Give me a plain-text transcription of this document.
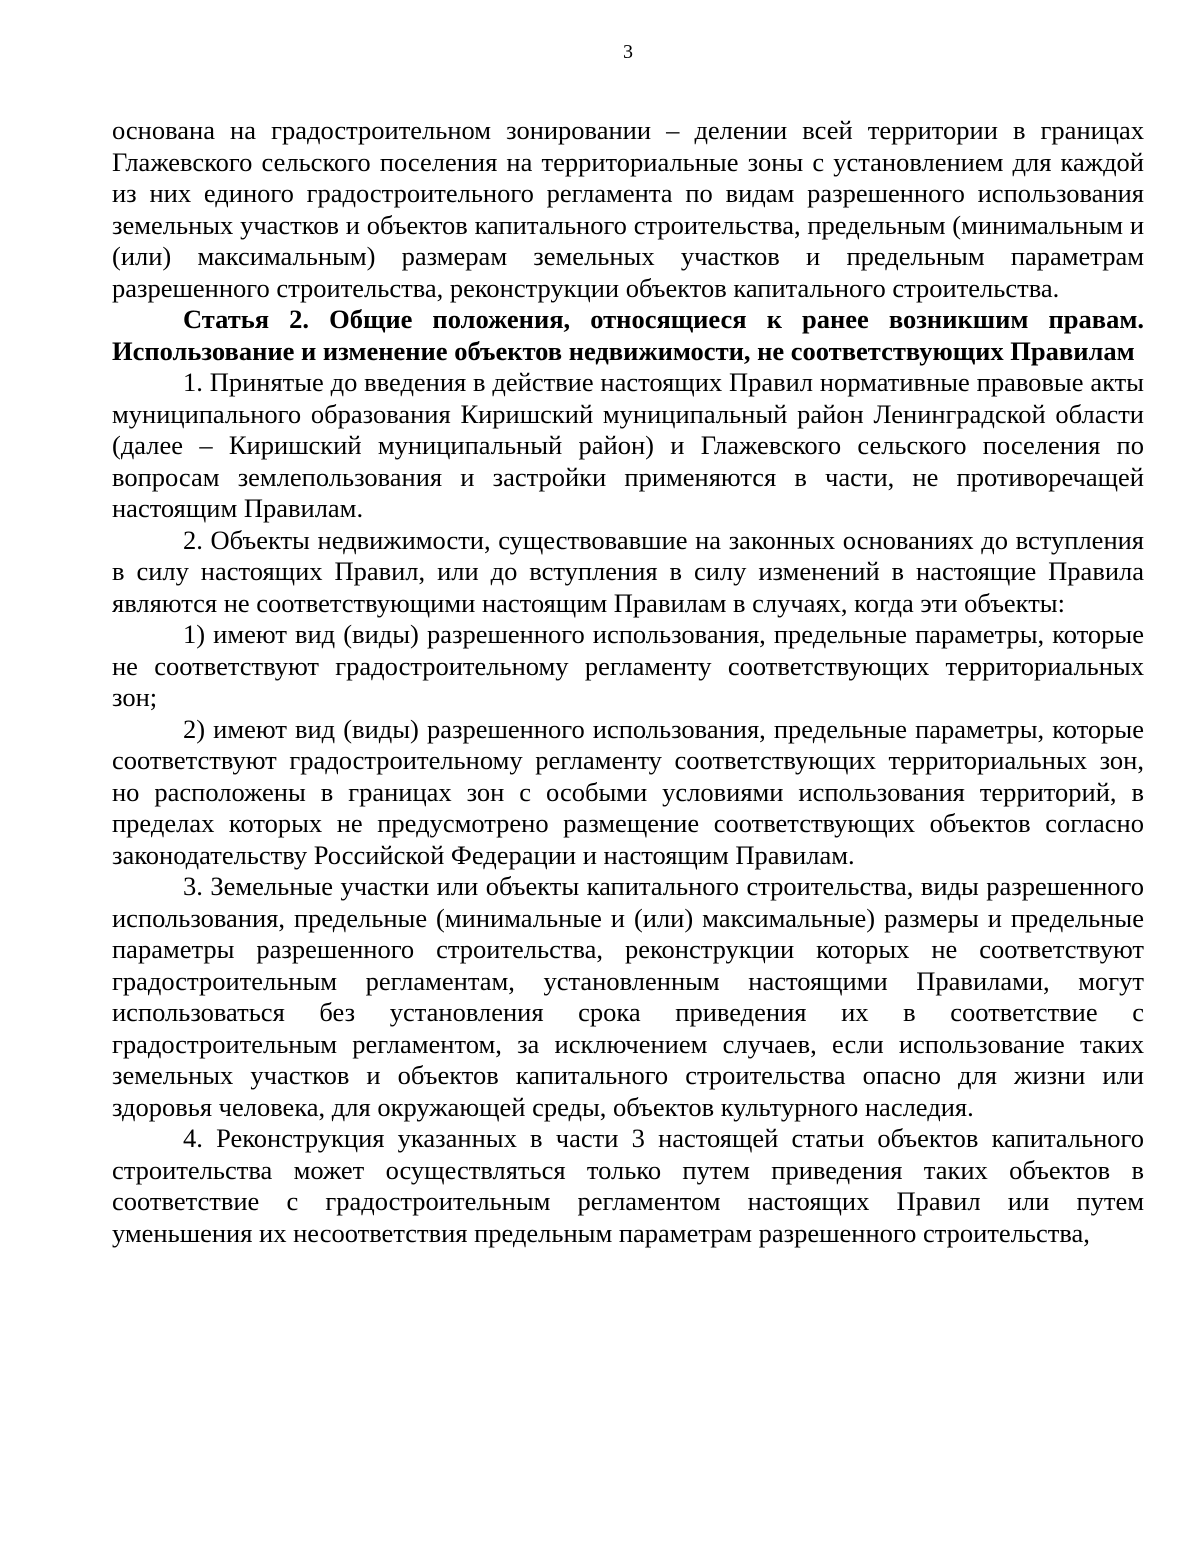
3

основана на градостроительном зонировании – делении всей территории в границах Глажевского сельского поселения на территориальные зоны с установлением для каждой из них единого градостроительного регламента по видам разрешенного использования земельных участков и объектов капитального строительства, предельным (минимальным и (или) максимальным) размерам земельных участков и предельным параметрам разрешенного строительства, реконструкции объектов капитального строительства.

Статья 2. Общие положения, относящиеся к ранее возникшим правам. Использование и изменение объектов недвижимости, не соответствующих Правилам

1. Принятые до введения в действие настоящих Правил нормативные правовые акты муниципального образования Киришский муниципальный район Ленинградской области (далее – Киришский муниципальный район) и Глажевского сельского поселения по вопросам землепользования и застройки применяются в части, не противоречащей настоящим Правилам.

2. Объекты недвижимости, существовавшие на законных основаниях до вступления в силу настоящих Правил, или до вступления в силу изменений в настоящие Правила являются не соответствующими настоящим Правилам в случаях, когда эти объекты:

1) имеют вид (виды) разрешенного использования, предельные параметры, которые не соответствуют градостроительному регламенту соответствующих территориальных зон;

2) имеют вид (виды) разрешенного использования, предельные параметры, которые соответствуют градостроительному регламенту соответствующих территориальных зон, но расположены в границах зон с особыми условиями использования территорий, в пределах которых не предусмотрено размещение соответствующих объектов согласно законодательству Российской Федерации и настоящим Правилам.

3. Земельные участки или объекты капитального строительства, виды разрешенного использования, предельные (минимальные и (или) максимальные) размеры и предельные параметры разрешенного строительства, реконструкции которых не соответствуют градостроительным регламентам, установленным настоящими Правилами, могут использоваться без установления срока приведения их в соответствие с градостроительным регламентом, за исключением случаев, если использование таких земельных участков и объектов капитального строительства опасно для жизни или здоровья человека, для окружающей среды, объектов культурного наследия.

4. Реконструкция указанных в части 3 настоящей статьи объектов капитального строительства может осуществляться только путем приведения таких объектов в соответствие с градостроительным регламентом настоящих Правил или путем уменьшения их несоответствия предельным параметрам разрешенного строительства,
